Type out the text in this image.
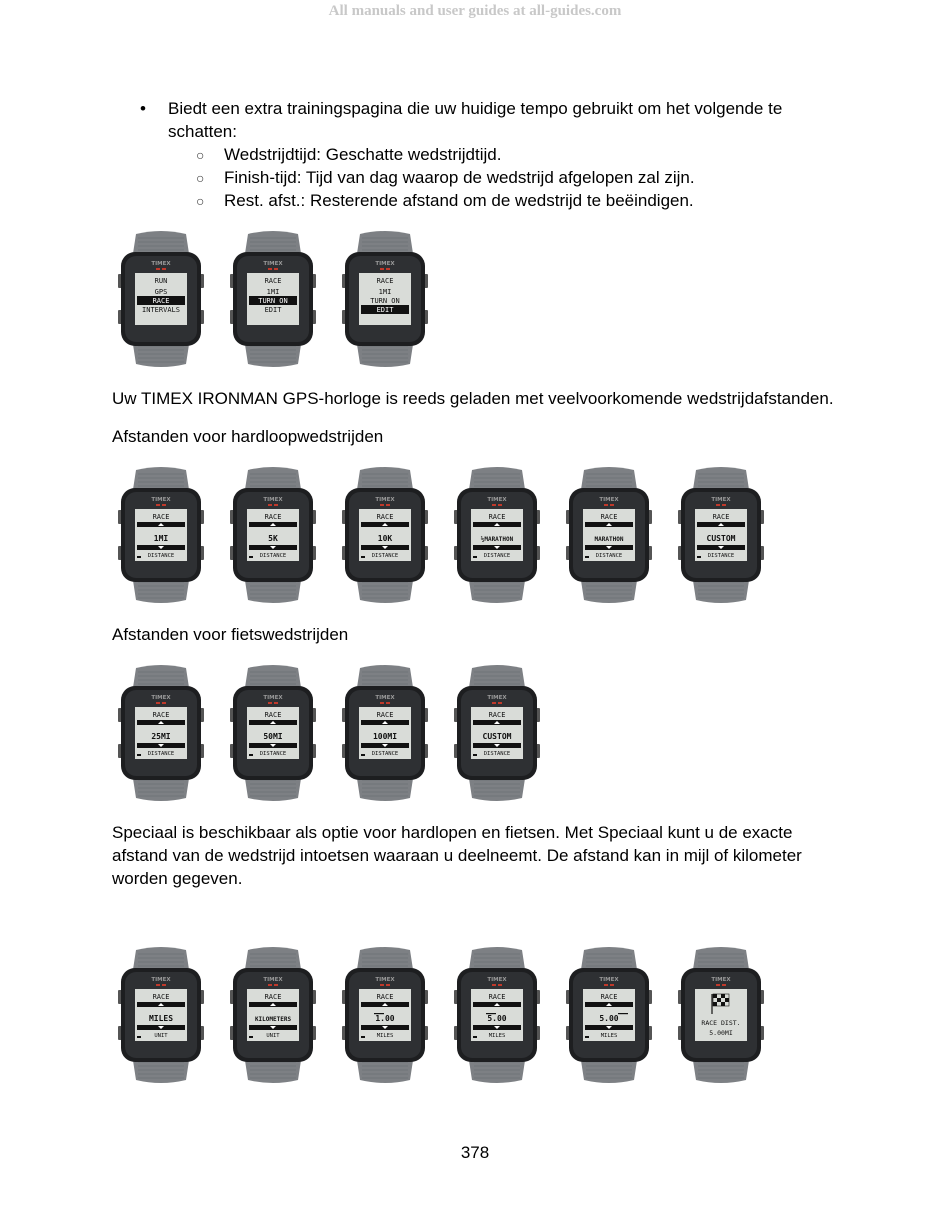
All manuals and user guides at all-guides.com
• Biedt een extra trainingspagina die uw huidige tempo gebruikt om het volgende te schatten:
○ Wedstrijdtijd: Geschatte wedstrijdtijd.
○ Finish-tijd: Tijd van dag waarop de wedstrijd afgelopen zal zijn.
○ Rest. afst.: Resterende afstand om de wedstrijd te beëindigen.
TIMEX
RUN
GPS
RACE
INTERVALS
TIMEX
RACE
1MI
TURN ON
EDIT
TIMEX
RACE
1MI
TURN ON
EDIT
Uw TIMEX IRONMAN GPS-horloge is reeds geladen met veelvoorkomende wedstrijdafstanden.
Afstanden voor hardloopwedstrijden
TIMEX
RACE
1MI
DISTANCE
TIMEX
RACE
5K
DISTANCE
TIMEX
RACE
10K
DISTANCE
TIMEX
RACE
½MARATHON
DISTANCE
TIMEX
RACE
MARATHON
DISTANCE
TIMEX
RACE
CUSTOM
DISTANCE
Afstanden voor fietswedstrijden
TIMEX
RACE
25MI
DISTANCE
TIMEX
RACE
50MI
DISTANCE
TIMEX
RACE
100MI
DISTANCE
TIMEX
RACE
CUSTOM
DISTANCE
Speciaal is beschikbaar als optie voor hardlopen en fietsen. Met Speciaal kunt u de exacte afstand van de wedstrijd intoetsen waaraan u deelneemt. De afstand kan in mijl of kilometer worden gegeven.
TIMEX
RACE
MILES
UNIT
TIMEX
RACE
KILOMETERS
UNIT
TIMEX
RACE
1.00
MILES
TIMEX
RACE
5.00
MILES
TIMEX
RACE
5.00
MILES
TIMEX
RACE DIST.
5.00MI
378
